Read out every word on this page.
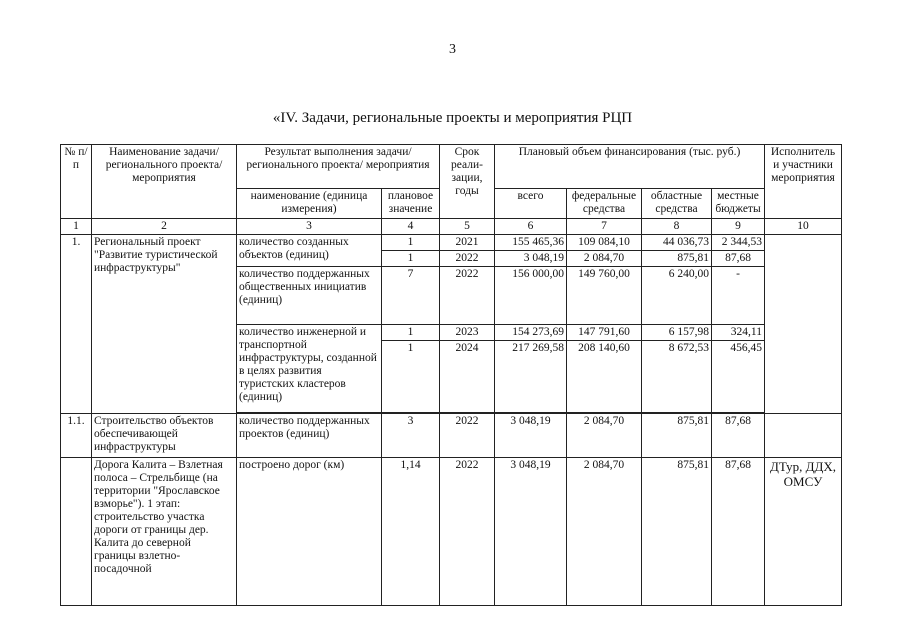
3
«IV. Задачи, региональные проекты и мероприятия РЦП
№ п/п	Наименование задачи/ регионального проекта/ мероприятия	Результат выполнения задачи/ регионального проекта/ мероприятия		Срок реали-зации, годы	Плановый объем финансирования (тыс. руб.)				Исполнитель и участники мероприятия
		наименование (единица измерения)	плановое значение		всего	федеральные средства	областные средства	местные бюджеты	
1	2	3	4	5	6	7	8	9	10
1.	Региональный проект "Развитие туристической инфраструктуры"	количество созданных объектов (единиц)	1	2021	155 465,36	109 084,10	44 036,73	2 344,53	
			1	2022	3 048,19	2 084,70	875,81	87,68	
		количество поддержанных общественных инициатив (единиц)	7	2022	156 000,00	149 760,00	6 240,00	-	
		количество инженерной и транспортной инфраструктуры, созданной в целях развития туристских кластеров (единиц)	1	2023	154 273,69	147 791,60	6 157,98	324,11	
			1	2024	217 269,58	208 140,60	8 672,53	456,45	

1.1.	Строительство объектов обеспечивающей инфраструктуры	количество поддержанных проектов (единиц)	3	2022	3 048,19	2 084,70	875,81	87,68	
	Дорога Калита – Взлетная полоса – Стрельбище (на территории "Ярославское взморье"). 1 этап: строительство участка дороги от границы дер. Калита до северной границы взлетно-посадочной	построено дорог (км)	1,14	2022	3 048,19	2 084,70	875,81	87,68	ДТур, ДДХ, ОМСУ
